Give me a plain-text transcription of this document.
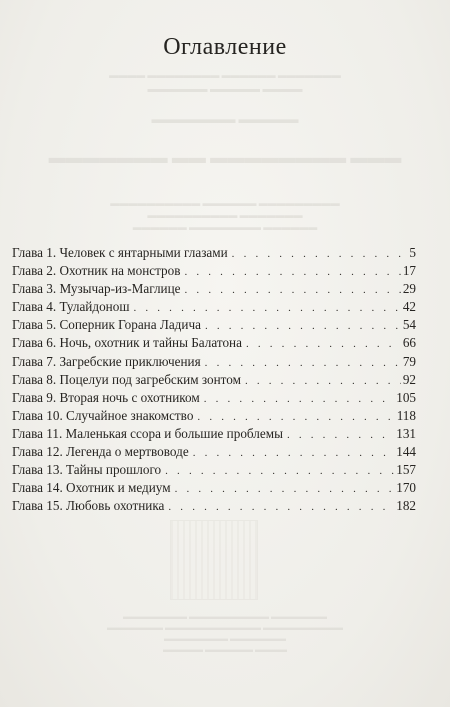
▬▬▬▬▬▬▬ ▬▬▬▬▬▬ ▬▬▬▬▬▬▬▬ ▬▬▬▬
▬▬▬▬ ▬▬▬▬▬ ▬▬▬▬▬▬
▬▬▬▬▬ ▬▬▬▬▬▬▬
▬▬▬ ▬▬▬▬▬▬▬▬ ▬▬ ▬▬▬▬▬▬▬
▬▬▬▬▬▬▬▬▬ ▬▬▬▬▬▬ ▬▬▬▬▬▬▬▬▬▬
▬▬▬▬▬▬▬ ▬▬▬▬▬▬▬▬▬▬
▬▬▬▬▬▬ ▬▬▬▬▬▬▬▬ ▬▬▬▬▬▬
▬▬▬▬▬▬▬ ▬▬▬▬▬▬▬▬▬▬ ▬▬▬▬▬▬▬▬
▬▬▬▬▬▬▬▬▬▬ ▬▬▬▬▬▬▬▬▬▬▬▬ ▬▬▬▬▬▬▬
▬▬▬▬▬▬▬ ▬▬▬▬▬▬▬▬
▬▬▬▬ ▬▬▬▬▬▬ ▬▬▬▬▬
Оглавление
Глава 1. Человек с янтарными глазами . . .	5
Глава 2. Охотник на монстров . . .	17
Глава 3. Музычар-из-Маглице . . .	29
Глава 4. Тулайдонош . . .	42
Глава 5. Соперник Горана Ладича . . .	54
Глава 6. Ночь, охотник и тайны Балатона . . .	66
Глава 7. Загребские приключения . . .	79
Глава 8. Поцелуи под загребским зонтом . . .	92
Глава 9. Вторая ночь с охотником . . .	105
Глава 10. Случайное знакомство . . .	118
Глава 11. Маленькая ссора и большие проблемы . . .	131
Глава 12. Легенда о мертвоводе . . .	144
Глава 13. Тайны прошлого . . .	157
Глава 14. Охотник и медиум . . .	170
Глава 15. Любовь охотника . . .	182
